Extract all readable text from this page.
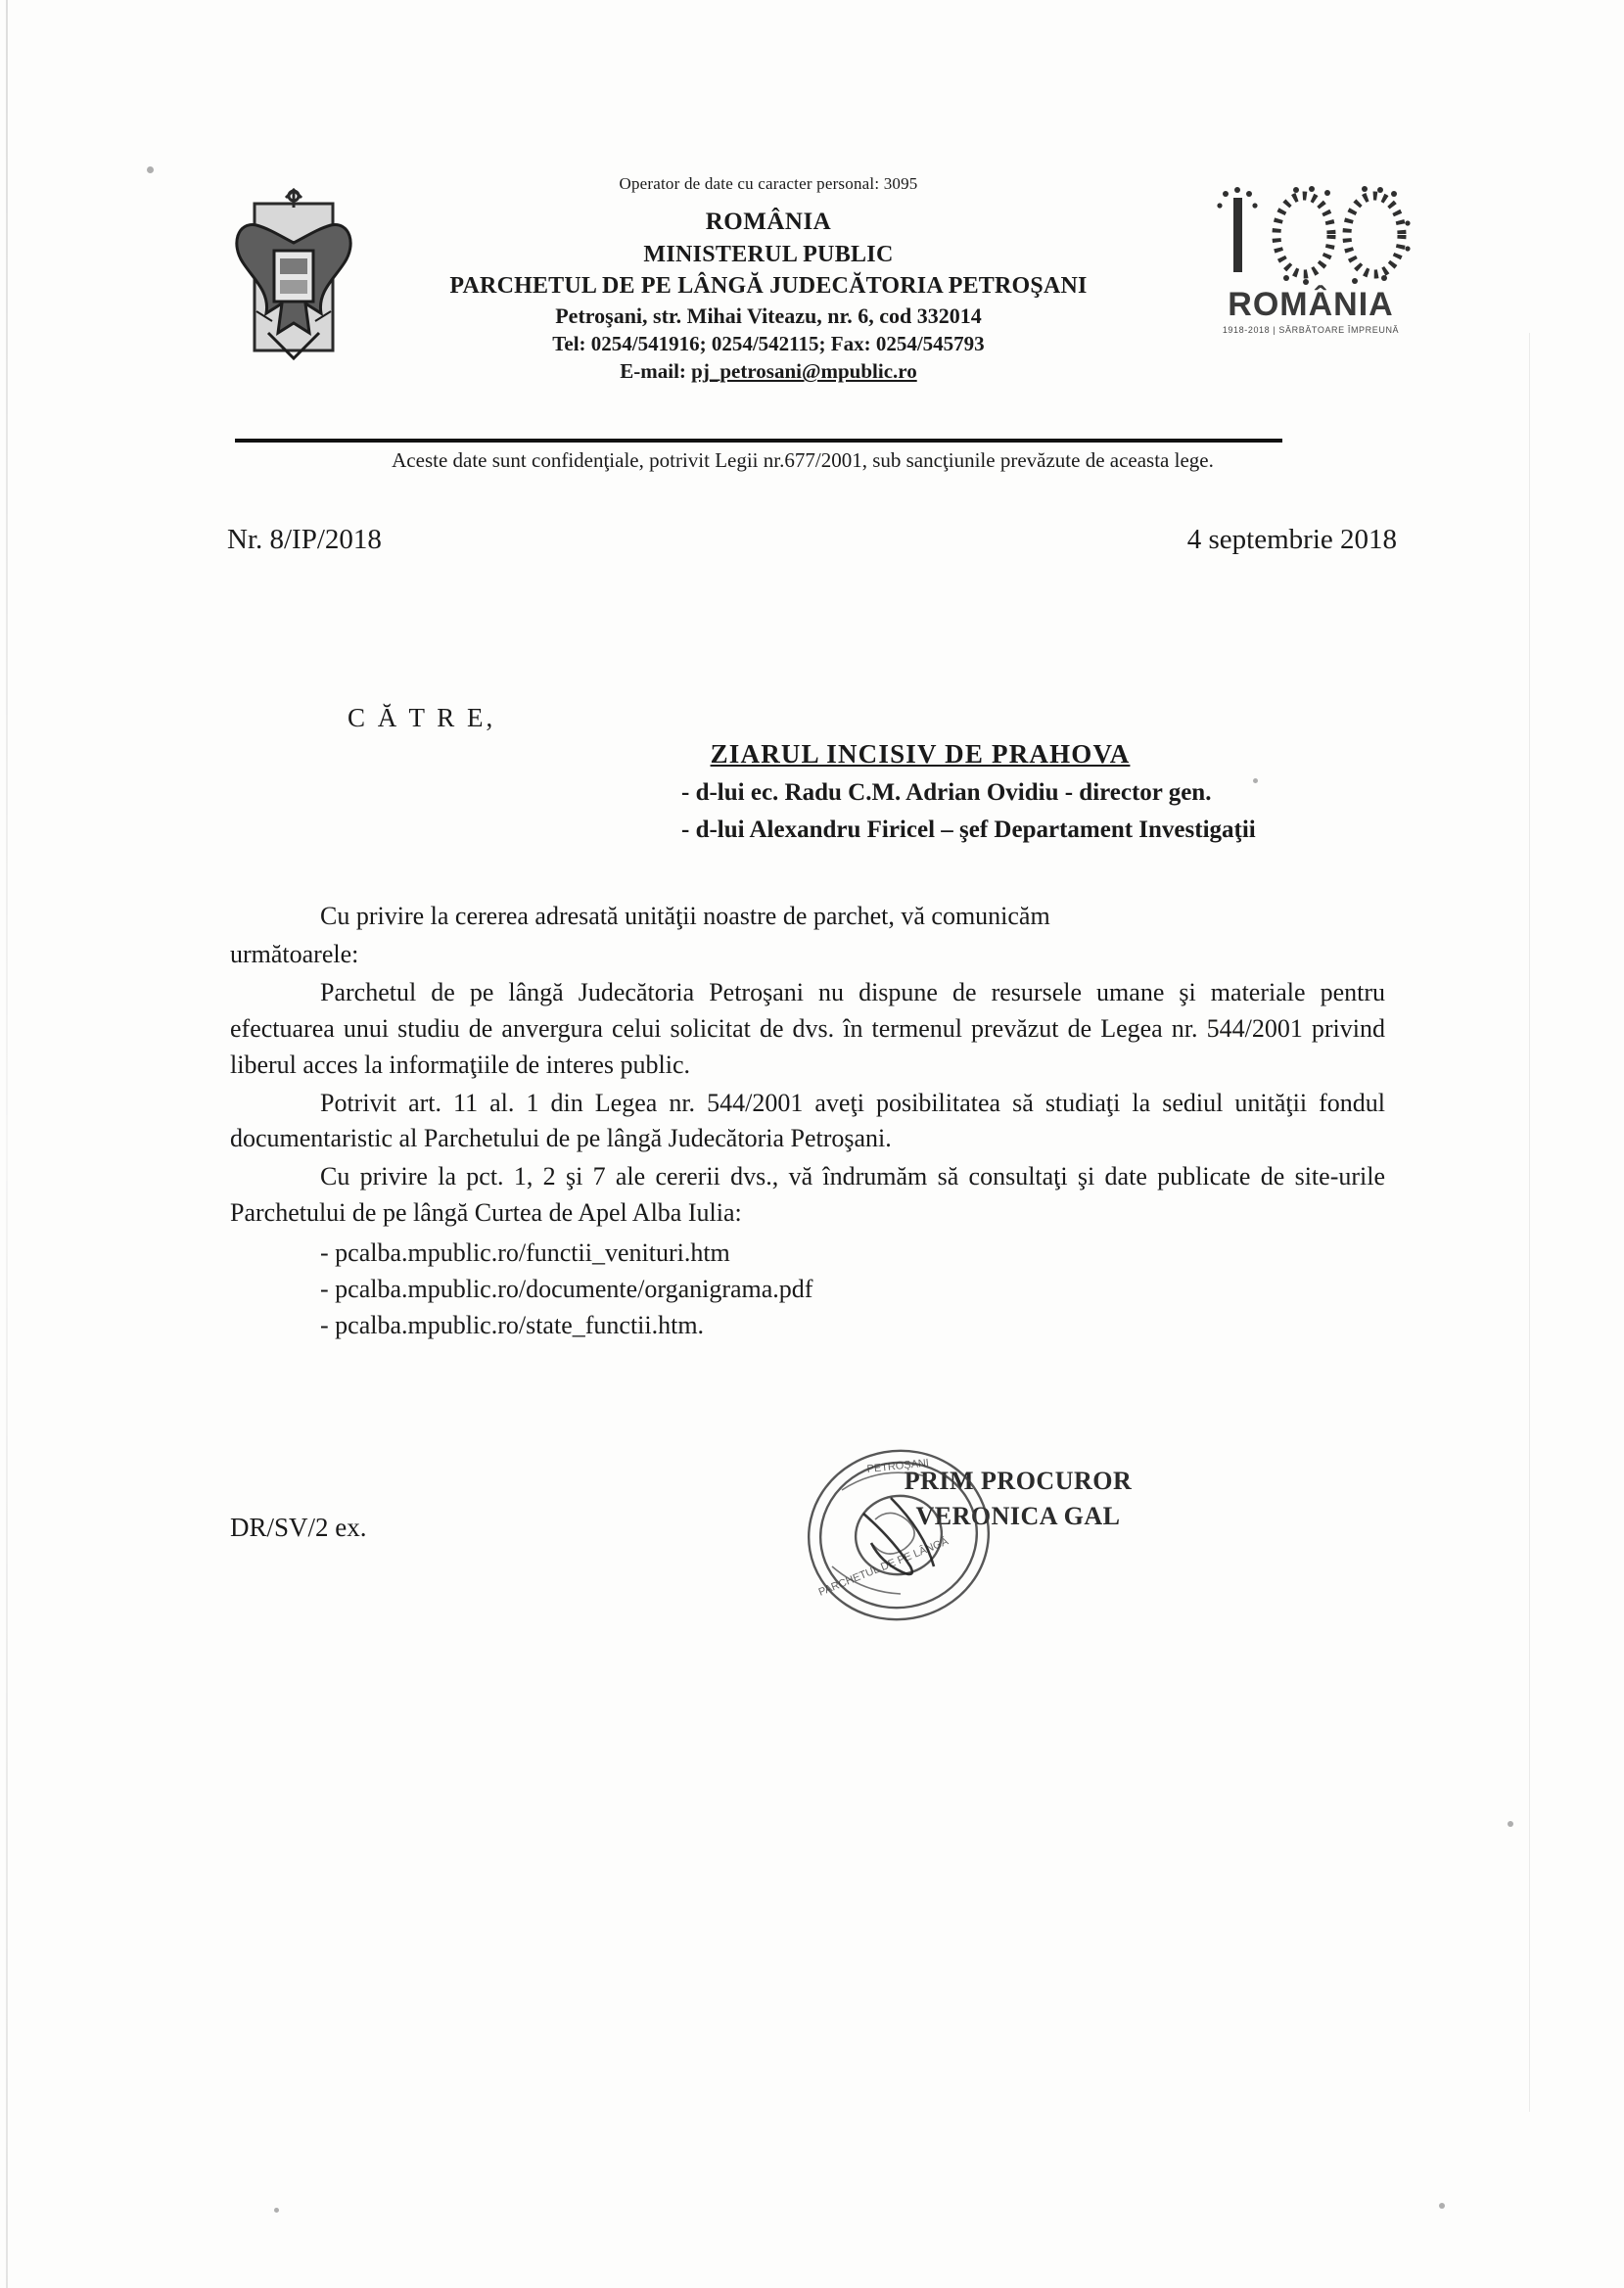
ROMÂNIA
1918-2018 | SĂRBĂTOARE ÎMPREUNĂ
Operator de date cu caracter personal: 3095
ROMÂNIA
MINISTERUL PUBLIC
PARCHETUL DE PE LÂNGĂ JUDECĂTORIA PETROŞANI
Petroşani, str. Mihai Viteazu, nr. 6, cod 332014
Tel: 0254/541916; 0254/542115; Fax: 0254/545793
E-mail: pj_petrosani@mpublic.ro
Aceste date sunt confidenţiale, potrivit Legii nr.677/2001, sub sancţiunile prevăzute de aceasta lege.
Nr. 8/IP/2018	4 septembrie 2018
C Ă T R E,
ZIARUL INCISIV DE PRAHOVA
- d-lui ec. Radu C.M. Adrian Ovidiu - director gen.
- d-lui Alexandru Firicel – şef Departament Investigaţii

Cu privire la cererea adresată unităţii noastre de parchet, vă comunicăm

următoarele:

Parchetul de pe lângă Judecătoria Petroşani nu dispune de resursele umane şi materiale pentru efectuarea unui studiu de anvergura celui solicitat de dvs. în termenul prevăzut de Legea nr. 544/2001 privind liberul acces la informaţiile de interes public.

Potrivit art. 11 al. 1 din Legea nr. 544/2001 aveţi posibilitatea să studiaţi la sediul unităţii fondul documentaristic al Parchetului de pe lângă Judecătoria Petroşani.

Cu privire la pct. 1, 2 şi 7 ale cererii dvs., vă îndrumăm să consultaţi şi date publicate de site-urile Parchetului de pe lângă Curtea de Apel Alba Iulia:

- pcalba.mpublic.ro/functii_venituri.htm
- pcalba.mpublic.ro/documente/organigrama.pdf
- pcalba.mpublic.ro/state_functii.htm.
DR/SV/2 ex.
PRIM PROCUROR
VERONICA GAL
PARCHETUL DE PE LÂNGĂ
PETROŞANI
